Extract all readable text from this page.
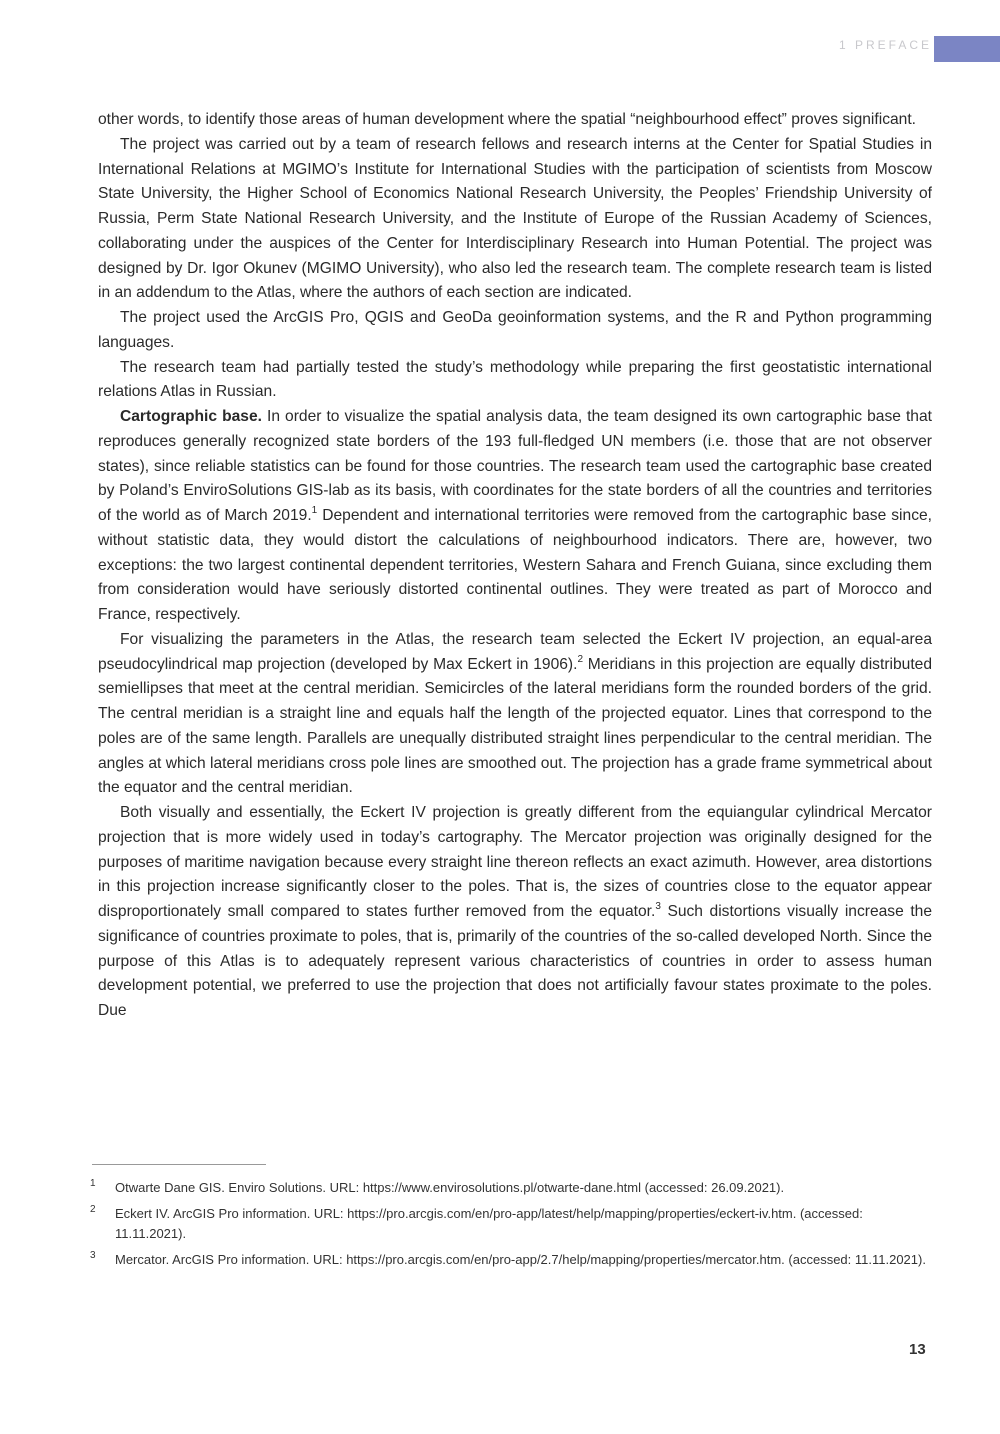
1 PREFACE

other words, to identify those areas of human development where the spatial “neighbourhood effect” proves significant.

The project was carried out by a team of research fellows and research interns at the Center for Spatial Studies in International Relations at MGIMO’s Institute for International Studies with the participation of scientists from Moscow State University, the Higher School of Economics National Research University, the Peoples’ Friendship University of Russia, Perm State National Research University, and the Institute of Europe of the Russian Academy of Sciences, collaborating under the auspices of the Center for Interdisciplinary Research into Human Potential. The project was designed by Dr. Igor Okunev (MGIMO University), who also led the research team. The complete research team is listed in an addendum to the Atlas, where the authors of each section are indicated.

The project used the ArcGIS Pro, QGIS and GeoDa geoinformation systems, and the R and Python programming languages.

The research team had partially tested the study’s methodology while preparing the first geostatistic international relations Atlas in Russian.

Cartographic base. In order to visualize the spatial analysis data, the team designed its own cartographic base that reproduces generally recognized state borders of the 193 full-fledged UN members (i.e. those that are not observer states), since reliable statistics can be found for those countries. The research team used the cartographic base created by Poland’s EnviroSolutions GIS-lab as its basis, with coordinates for the state borders of all the countries and territories of the world as of March 2019.$^1$ Dependent and international territories were removed from the cartographic base since, without statistic data, they would distort the calculations of neighbourhood indicators. There are, however, two exceptions: the two largest continental dependent territories, Western Sahara and French Guiana, since excluding them from consideration would have seriously distorted continental outlines. They were treated as part of Morocco and France, respectively.

For visualizing the parameters in the Atlas, the research team selected the Eckert IV projection, an equal-area pseudocylindrical map projection (developed by Max Eckert in 1906).$^2$ Meridians in this projection are equally distributed semiellipses that meet at the central meridian. Semicircles of the lateral meridians form the rounded borders of the grid. The central meridian is a straight line and equals half the length of the projected equator. Lines that correspond to the poles are of the same length. Parallels are unequally distributed straight lines perpendicular to the central meridian. The angles at which lateral meridians cross pole lines are smoothed out. The projection has a grade frame symmetrical about the equator and the central meridian.

Both visually and essentially, the Eckert IV projection is greatly different from the equiangular cylindrical Mercator projection that is more widely used in today’s cartography. The Mercator projection was originally designed for the purposes of maritime navigation because every straight line thereon reflects an exact azimuth. However, area distortions in this projection increase significantly closer to the poles. That is, the sizes of countries close to the equator appear disproportionately small compared to states further removed from the equator.$^3$ Such distortions visually increase the significance of countries proximate to poles, that is, primarily of the countries of the so-called developed North. Since the purpose of this Atlas is to adequately represent various characteristics of countries in order to assess human development potential, we preferred to use the projection that does not artificially favour states proximate to the poles. Due

1 Otwarte Dane GIS. Enviro Solutions. URL: https://www.envirosolutions.pl/otwarte-dane.html (accessed: 26.09.2021).
2 Eckert IV. ArcGIS Pro information. URL: https://pro.arcgis.com/en/pro-app/latest/help/mapping/properties/eckert-iv.htm. (accessed: 11.11.2021).
3 Mercator. ArcGIS Pro information. URL: https://pro.arcgis.com/en/pro-app/2.7/help/mapping/properties/mercator.htm. (accessed: 11.11.2021).
13
